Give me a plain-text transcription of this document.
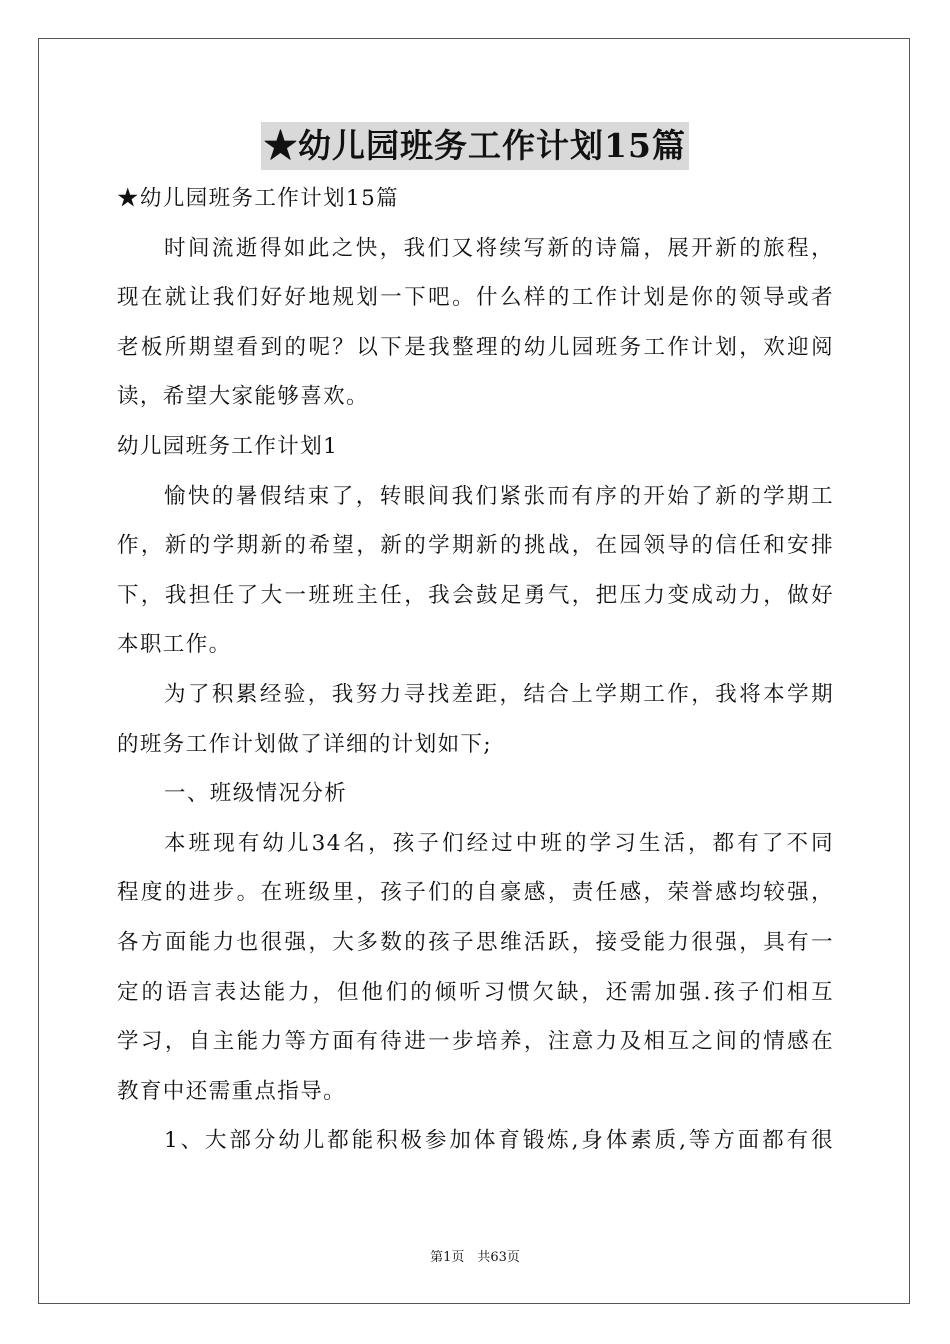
★幼儿园班务工作计划15篇
★幼儿园班务工作计划15篇
时间流逝得如此之快，我们又将续写新的诗篇，展开新的旅程，
现在就让我们好好地规划一下吧。什么样的工作计划是你的领导或者
老板所期望看到的呢？以下是我整理的幼儿园班务工作计划，欢迎阅
读，希望大家能够喜欢。
幼儿园班务工作计划1
愉快的暑假结束了，转眼间我们紧张而有序的开始了新的学期工
作，新的学期新的希望，新的学期新的挑战，在园领导的信任和安排
下，我担任了大一班班主任，我会鼓足勇气，把压力变成动力，做好
本职工作。
为了积累经验，我努力寻找差距，结合上学期工作，我将本学期
的班务工作计划做了详细的计划如下;
一、班级情况分析
本班现有幼儿34名，孩子们经过中班的学习生活，都有了不同
程度的进步。在班级里，孩子们的自豪感，责任感，荣誉感均较强，
各方面能力也很强，大多数的孩子思维活跃，接受能力很强，具有一
定的语言表达能力，但他们的倾听习惯欠缺，还需加强.孩子们相互
学习，自主能力等方面有待进一步培养，注意力及相互之间的情感在
教育中还需重点指导。
1、大部分幼儿都能积极参加体育锻炼,身体素质,等方面都有很
第1页　共63页
